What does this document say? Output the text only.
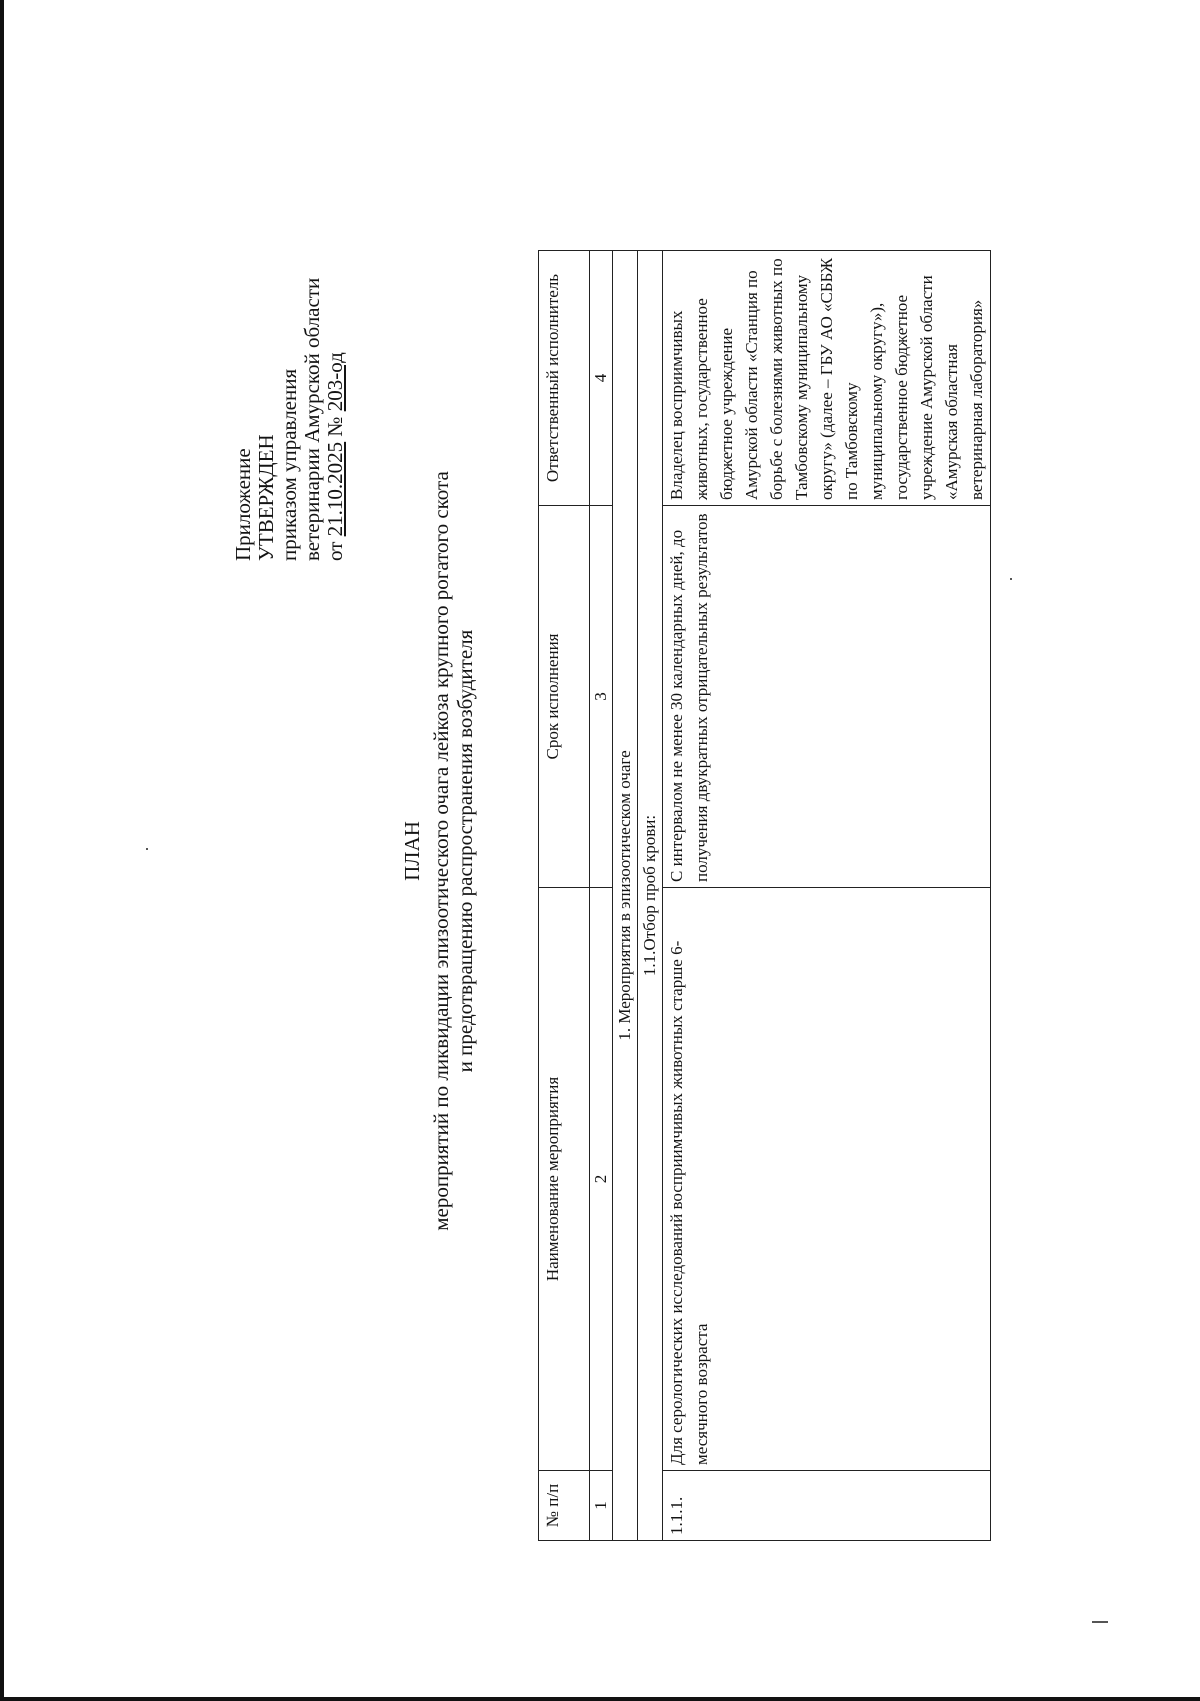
Приложение УТВЕРЖДЕН приказом управления ветеринарии Амурской области от 21.10.2025 № 203-од
ПЛАН мероприятий по ликвидации эпизоотического очага лейкоза крупного рогатого скота и предотвращению распространения возбудителя
№ п/п	Наименование мероприятия	Срок исполнения	Ответственный исполнитель
1	2	3	4
1. Мероприятия в эпизоотическом очаге			
1.1.Отбор проб крови:			
1.1.1.	Для серологических исследований восприимчивых животных старше 6-месячного возраста	С интервалом не менее 30 календарных дней, до получения двукратных отрицательных результатов	Владелец восприимчивых животных, государственное бюджетное учреждение Амурской области «Станция по борьбе с болезнями животных по Тамбовскому муниципальному округу» (далее – ГБУ АО «СББЖ по Тамбовскому муниципальному округу»), государственное бюджетное учреждение Амурской области «Амурская областная ветеринарная лаборатория»
